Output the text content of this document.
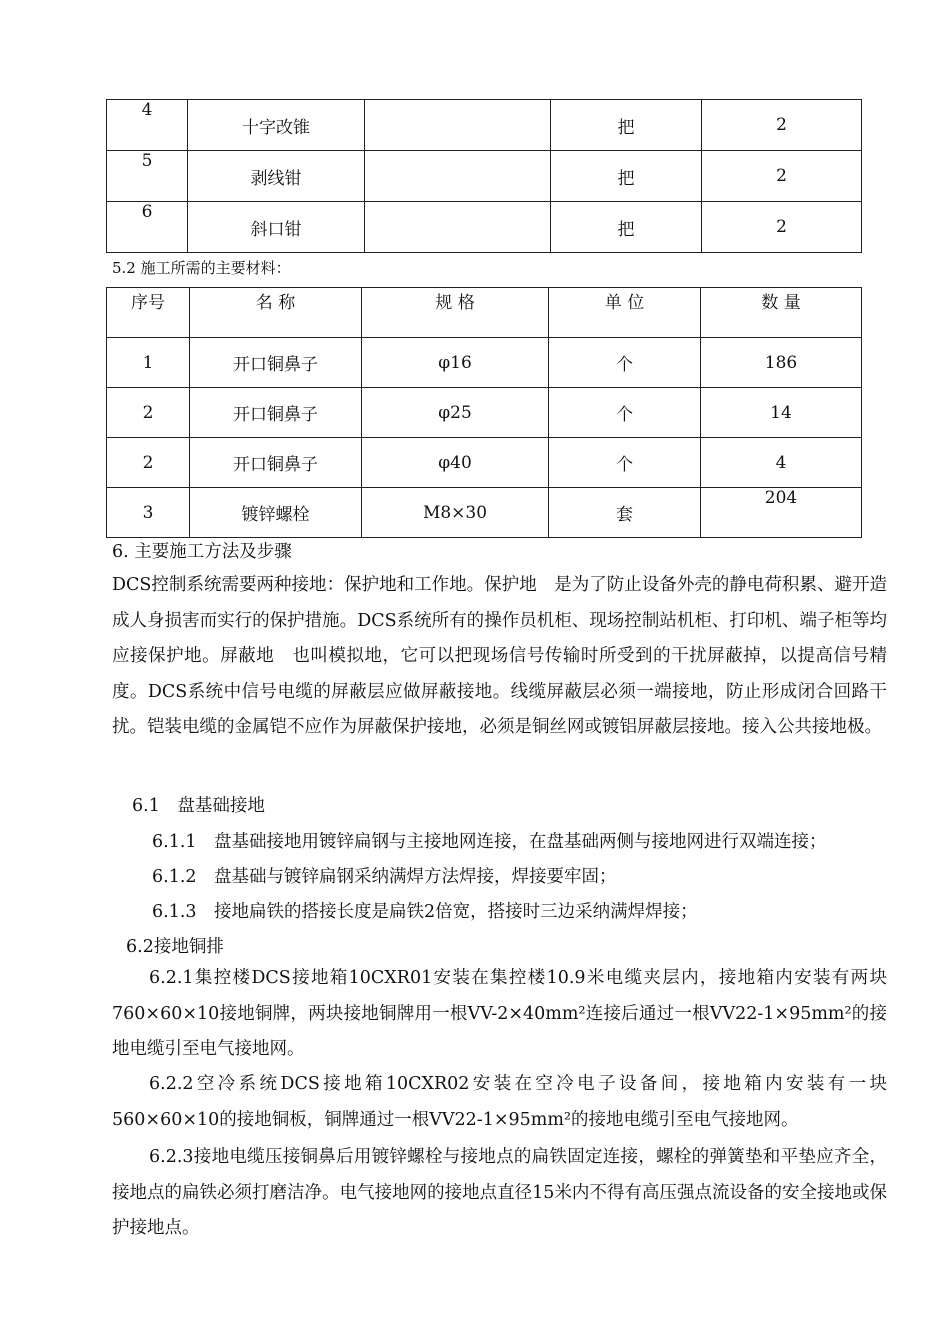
4	十字改锥		把	2
5	剥线钳		把	2
6	斜口钳		把	2
5.2 施工所需的主要材料：
序号	名 称	规 格	单 位	数 量
1	开口铜鼻子	φ16	个	186
2	开口铜鼻子	φ25	个	14
2	开口铜鼻子	φ40	个	4
3	镀锌螺栓	M8×30	套	204
6. 主要施工方法及步骤
DCS控制系统需要两种接地：保护地和工作地。保护地　是为了防止设备外壳的静电荷积累、避开造成人身损害而实行的保护措施。DCS系统所有的操作员机柜、现场控制站机柜、打印机、端子柜等均应接保护地。屏蔽地　也叫模拟地，它可以把现场信号传输时所受到的干扰屏蔽掉，以提高信号精度。DCS系统中信号电缆的屏蔽层应做屏蔽接地。线缆屏蔽层必须一端接地，防止形成闭合回路干扰。铠装电缆的金属铠不应作为屏蔽保护接地，必须是铜丝网或镀铝屏蔽层接地。接入公共接地极。
6.1　盘基础接地
6.1.1　盘基础接地用镀锌扁钢与主接地网连接，在盘基础两侧与接地网进行双端连接；
6.1.2　盘基础与镀锌扁钢采纳满焊方法焊接，焊接要牢固；
6.1.3　接地扁铁的搭接长度是扁铁2倍宽，搭接时三边采纳满焊焊接；
6.2接地铜排
6.2.1集控楼DCS接地箱10CXR01安装在集控楼10.9米电缆夹层内，接地箱内安装有两块760×60×10接地铜牌，两块接地铜牌用一根VV-2×40mm²连接后通过一根VV22-1×95mm²的接地电缆引至电气接地网。
6.2.2空冷系统DCS接地箱10CXR02安装在空冷电子设备间，接地箱内安装有一块560×60×10的接地铜板，铜牌通过一根VV22-1×95mm²的接地电缆引至电气接地网。
6.2.3接地电缆压接铜鼻后用镀锌螺栓与接地点的扁铁固定连接，螺栓的弹簧垫和平垫应齐全，接地点的扁铁必须打磨洁净。电气接地网的接地点直径15米内不得有高压强点流设备的安全接地或保护接地点。
